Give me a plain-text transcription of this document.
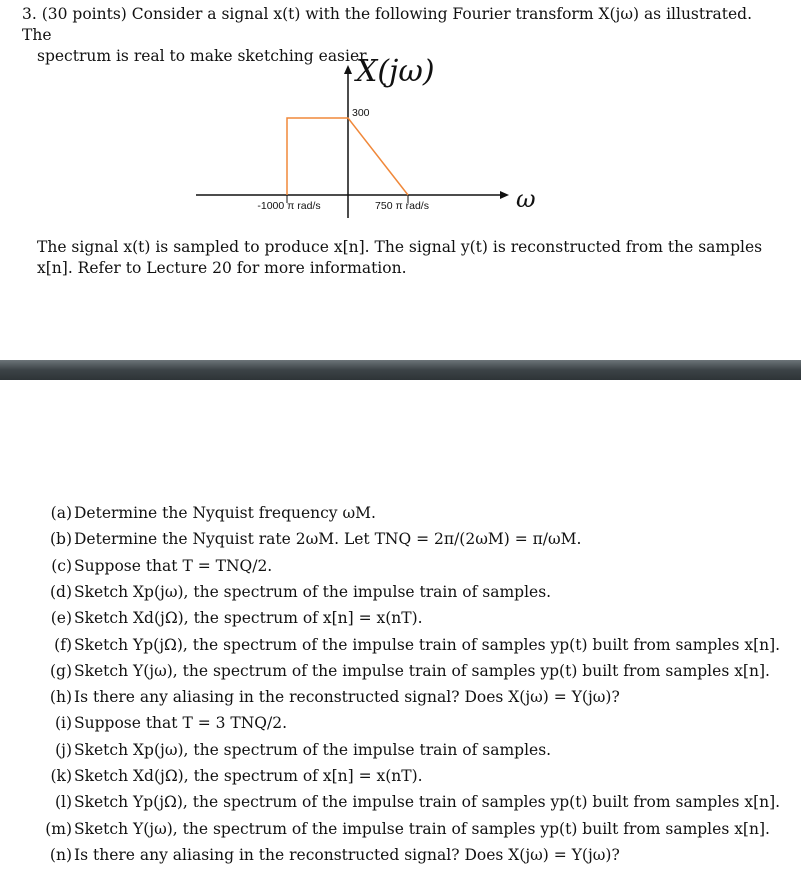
3. (30 points) Consider a signal x(t) with the following Fourier transform X(jω) as illustrated. The
spectrum is real to make sketching easier.
X(jω)
300
-1000 π rad/s	750 π rad/s	ω
The signal x(t) is sampled to produce x[n]. The signal y(t) is reconstructed from the samples
x[n]. Refer to Lecture 20 for more information.
(a) Determine the Nyquist frequency ωM.
(b) Determine the Nyquist rate 2ωM. Let TNQ = 2π/(2ωM) = π/ωM.
(c) Suppose that T = TNQ/2.
(d) Sketch Xp(jω), the spectrum of the impulse train of samples.
(e) Sketch Xd(jΩ), the spectrum of x[n] = x(nT).
(f) Sketch Yp(jΩ), the spectrum of the impulse train of samples yp(t) built from samples x[n].
(g) Sketch Y(jω), the spectrum of the impulse train of samples yp(t) built from samples x[n].
(h) Is there any aliasing in the reconstructed signal? Does X(jω) = Y(jω)?
(i) Suppose that T = 3 TNQ/2.
(j) Sketch Xp(jω), the spectrum of the impulse train of samples.
(k) Sketch Xd(jΩ), the spectrum of x[n] = x(nT).
(l) Sketch Yp(jΩ), the spectrum of the impulse train of samples yp(t) built from samples x[n].
(m) Sketch Y(jω), the spectrum of the impulse train of samples yp(t) built from samples x[n].
(n) Is there any aliasing in the reconstructed signal? Does X(jω) = Y(jω)?
